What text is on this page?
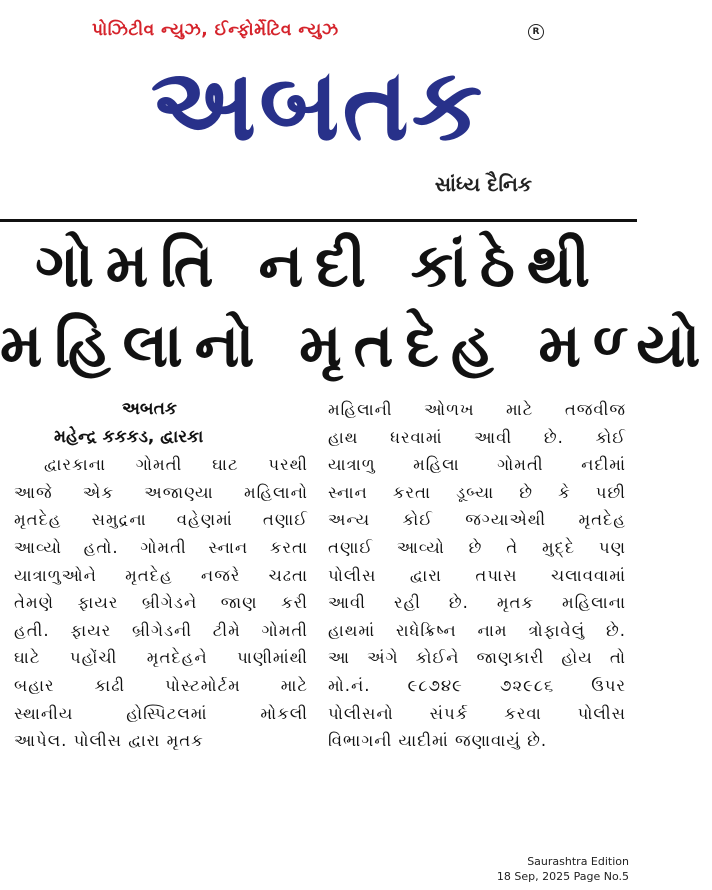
પોઝિટીવ ન્યુઝ, ઈન્ફોર્મેટિવ ન્યુઝ	R
અબતક
સાંધ્ય દૈનિક
ગોમતિ નદી કાંઠેથી
મહિલાનો મૃતદેહ મળ્યો
અબતક
મહેન્દ્ર કકકડ, દ્વારકા
દ્વારકાના ગોમતી ઘાટ પરથી
આજે એક અજાણ્યા મહિલાનો
મૃતદેહ સમુદ્રના વહેણમાં તણાઈ
આવ્યો હતો. ગોમતી સ્નાન કરતા
યાત્રાળુઓને મૃતદેહ નજરે ચઢતા
તેમણે ફાયર બ્રીગેડને જાણ કરી
હતી. ફાયર બ્રીગેડની ટીમે ગોમતી
ઘાટે પહોંચી મૃતદેહને પાણીમાંથી
બહાર કાઢી પોસ્ટમોર્ટમ માટે
સ્થાનીય હોસ્પિટલમાં મોકલી
આપેલ. પોલીસ દ્વારા મૃતક
મહિલાની ઓળખ માટે તજવીજ
હાથ ધરવામાં આવી છે. કોઈ
યાત્રાળુ મહિલા ગોમતી નદીમાં
સ્નાન કરતા ડૂબ્યા છે કે પછી
અન્ય કોઈ જગ્યાએથી મૃતદેહ
તણાઈ આવ્યો છે તે મુદ્દે પણ
પોલીસ દ્વારા તપાસ ચલાવવામાં
આવી રહી છે. મૃતક મહિલાના
હાથમાં રાધેક્રિષ્ન નામ ત્રોફાવેલું છે.
આ અંગે કોઈને જાણકારી હોય તો
મો.નં. ૯૮૭૪૯ ૭૨૯૮૬ ઉપર
પોલીસનો સંપર્ક કરવા પોલીસ
વિભાગની યાદીમાં જણાવાયું છે.
Saurashtra Edition
18 Sep, 2025 Page No.5
